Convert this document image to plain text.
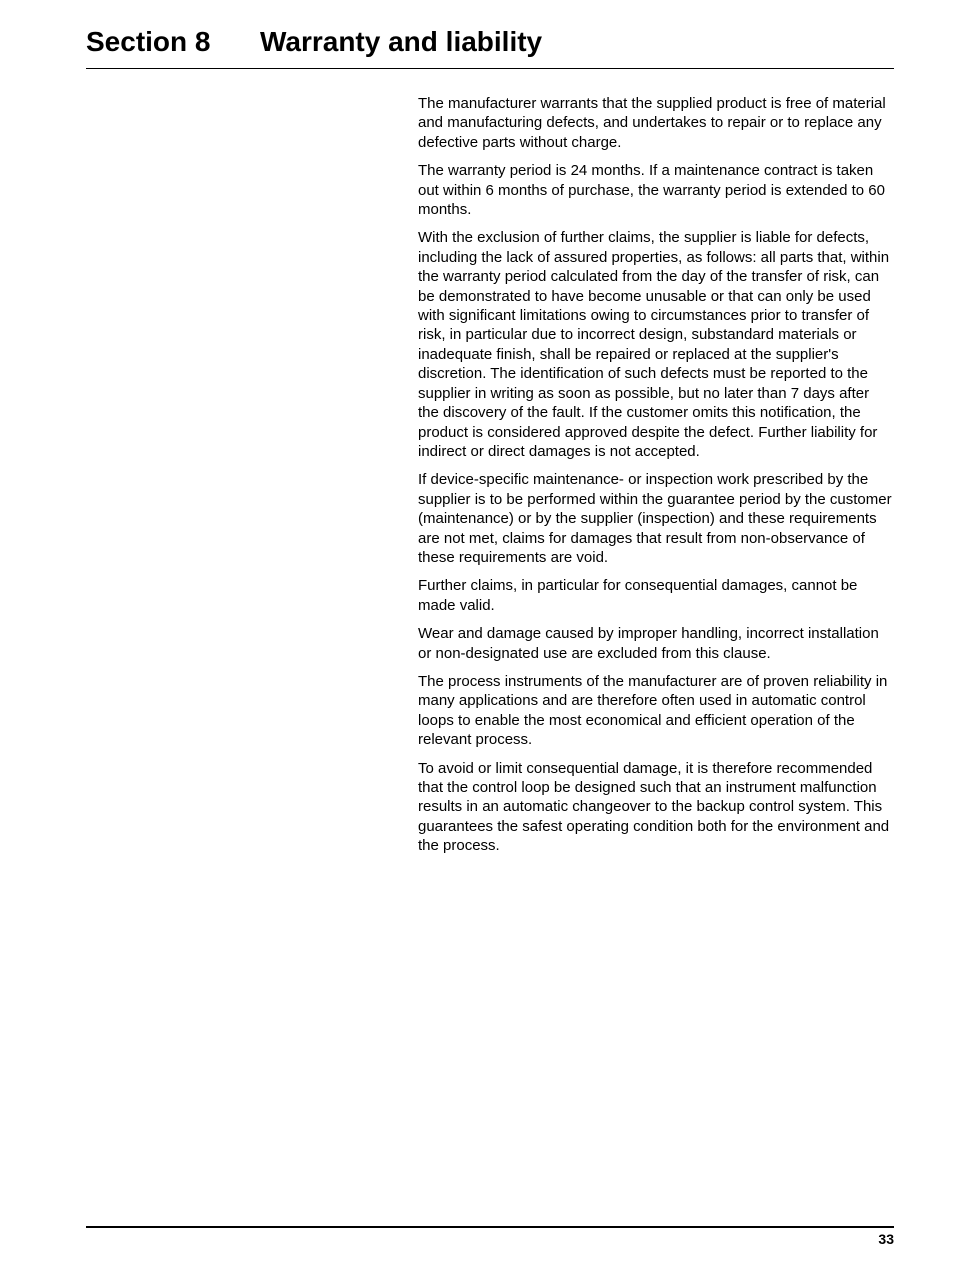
Section 8 Warranty and liability

The manufacturer warrants that the supplied product is free of material and manufacturing defects, and undertakes to repair or to replace any defective parts without charge.

The warranty period is 24 months. If a maintenance contract is taken out within 6 months of purchase, the warranty period is extended to 60 months.

With the exclusion of further claims, the supplier is liable for defects, including the lack of assured properties, as follows: all parts that, within the warranty period calculated from the day of the transfer of risk, can be demonstrated to have become unusable or that can only be used with significant limitations owing to circumstances prior to transfer of risk, in particular due to incorrect design, substandard materials or inadequate finish, shall be repaired or replaced at the supplier's discretion. The identification of such defects must be reported to the supplier in writing as soon as possible, but no later than 7 days after the discovery of the fault. If the customer omits this notification, the product is considered approved despite the defect. Further liability for indirect or direct damages is not accepted.

If device-specific maintenance- or inspection work prescribed by the supplier is to be performed within the guarantee period by the customer (maintenance) or by the supplier (inspection) and these requirements are not met, claims for damages that result from non-observance of these requirements are void.

Further claims, in particular for consequential damages, cannot be made valid.

Wear and damage caused by improper handling, incorrect installation or non-designated use are excluded from this clause.

The process instruments of the manufacturer are of proven reliability in many applications and are therefore often used in automatic control loops to enable the most economical and efficient operation of the relevant process.

To avoid or limit consequential damage, it is therefore recommended that the control loop be designed such that an instrument malfunction results in an automatic changeover to the backup control system. This guarantees the safest operating condition both for the environment and the process.

33
